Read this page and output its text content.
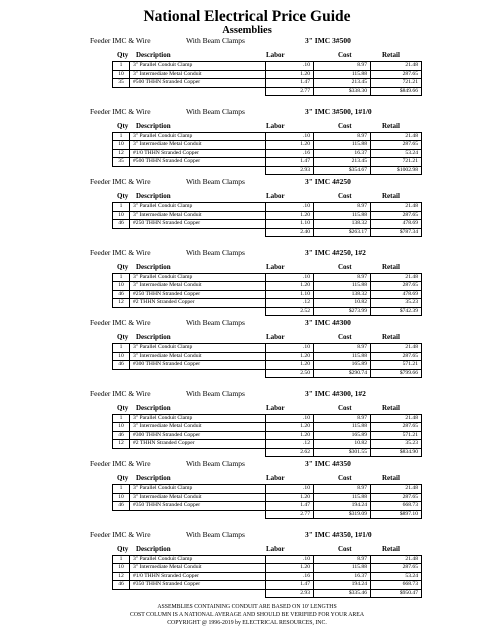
National Electrical Price Guide
Assemblies
Feeder IMC & Wire	With Beam Clamps	3" IMC 3#500
Qty Description	Labor	Cost	Retail
1	3" Parallel Conduit Clamp	.10	8.97	21.48
10	3" Intermediate Metal Conduit	1.20	115.88	287.65
35	#500 THHN Stranded Copper	1.47	213.45	721.21
		2.77	$338.30	$849.66
Feeder IMC & Wire	With Beam Clamps	3" IMC 3#500, 1#1/0
Qty Description	Labor	Cost	Retail
1	3" Parallel Conduit Clamp	.10	8.97	21.48
10	3" Intermediate Metal Conduit	1.20	115.88	287.65
12	#1/0 THHN Stranded Copper	.16	16.37	53.24
35	#500 THHN Stranded Copper	1.47	213.45	721.21
		2.93	$354.67	$1002.98
Feeder IMC & Wire	With Beam Clamps	3" IMC 4#250
Qty Description	Labor	Cost	Retail
1	3" Parallel Conduit Clamp	.10	8.97	21.48
10	3" Intermediate Metal Conduit	1.20	115.88	287.65
46	#250 THHN Stranded Copper	1.10	138.32	478.69
		2.40	$263.17	$787.34
Feeder IMC & Wire	With Beam Clamps	3" IMC 4#250, 1#2
Qty Description	Labor	Cost	Retail
1	3" Parallel Conduit Clamp	.10	8.97	21.48
10	3" Intermediate Metal Conduit	1.20	115.88	287.65
46	#250 THHN Stranded Copper	1.10	138.32	478.69
12	#2 THHN Stranded Copper	.12	10.82	35.23
		2.52	$273.99	$742.39
Feeder IMC & Wire	With Beam Clamps	3" IMC 4#300
Qty Description	Labor	Cost	Retail
1	3" Parallel Conduit Clamp	.10	8.97	21.48
10	3" Intermediate Metal Conduit	1.20	115.88	287.65
46	#300 THHN Stranded Copper	1.20	165.89	571.21
		2.50	$290.74	$799.66
Feeder IMC & Wire	With Beam Clamps	3" IMC 4#300, 1#2
Qty Description	Labor	Cost	Retail
1	3" Parallel Conduit Clamp	.10	8.97	21.48
10	3" Intermediate Metal Conduit	1.20	115.88	287.65
46	#300 THHN Stranded Copper	1.20	165.89	571.21
12	#2 THHN Stranded Copper	.12	10.82	35.23
		2.62	$301.55	$834.90
Feeder IMC & Wire	With Beam Clamps	3" IMC 4#350
Qty Description	Labor	Cost	Retail
1	3" Parallel Conduit Clamp	.10	8.97	21.48
10	3" Intermediate Metal Conduit	1.20	115.88	287.65
46	#350 THHN Stranded Copper	1.47	194.24	668.73
		2.77	$319.09	$897.10
Feeder IMC & Wire	With Beam Clamps	3" IMC 4#350, 1#1/0
Qty Description	Labor	Cost	Retail
1	3" Parallel Conduit Clamp	.10	8.97	21.48
10	3" Intermediate Metal Conduit	1.20	115.88	287.65
12	#1/0 THHN Stranded Copper	.16	16.37	53.24
46	#350 THHN Stranded Copper	1.47	194.24	668.73
		2.93	$335.46	$950.47
ASSEMBLIES CONTAINING CONDUIT ARE BASED ON 10' LENGTHS
COST COLUMN IS A NATIONAL AVERAGE AND SHOULD BE VERIFIED FOR YOUR AREA
COPYRIGHT @ 1996-2019 by ELECTRICAL RESOURCES, INC.
